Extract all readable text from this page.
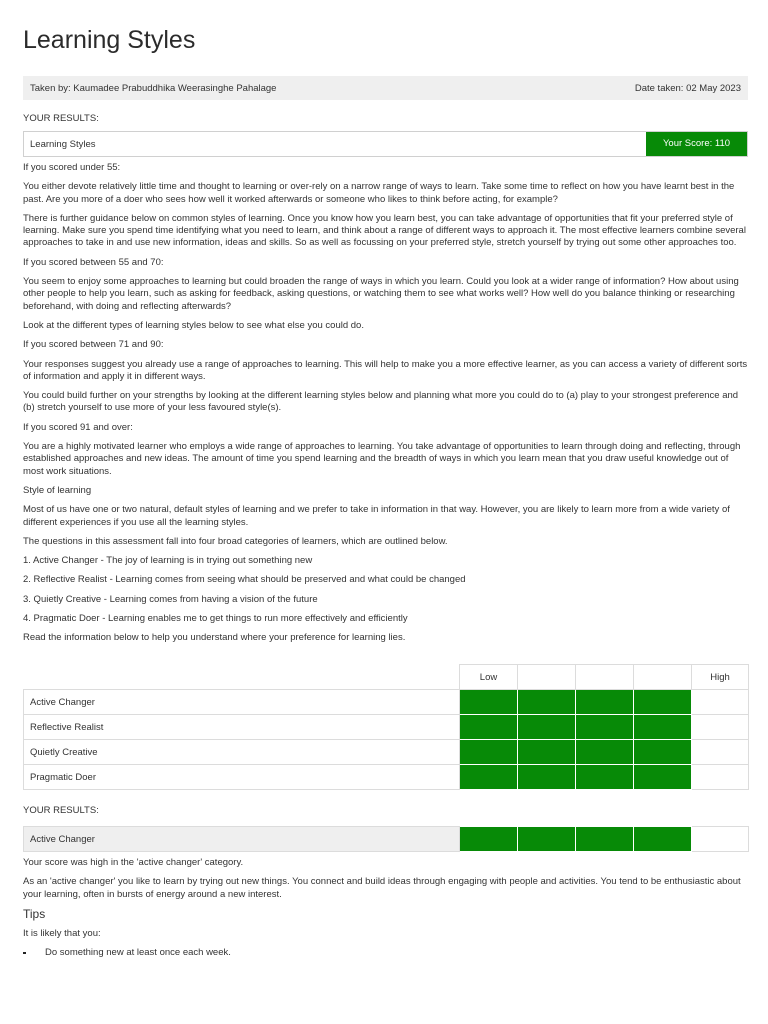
Learning Styles
Taken by: Kaumadee Prabuddhika Weerasinghe Pahalage	Date taken: 02 May 2023
YOUR RESULTS:
Learning Styles	Your Score: 110

If you scored under 55:

You either devote relatively little time and thought to learning or over-rely on a narrow range of ways to learn. Take some time to reflect on how you have learnt best in the past. Are you more of a doer who sees how well it worked afterwards or someone who likes to think before acting, for example?

There is further guidance below on common styles of learning. Once you know how you learn best, you can take advantage of opportunities that fit your preferred style of learning. Make sure you spend time identifying what you need to learn, and think about a range of different ways to approach it. The most effective learners combine several approaches to take in and use new information, ideas and skills. So as well as focussing on your preferred style, stretch yourself by trying out some other approaches too.

If you scored between 55 and 70:

You seem to enjoy some approaches to learning but could broaden the range of ways in which you learn. Could you look at a wider range of information? How about using other people to help you learn, such as asking for feedback, asking questions, or watching them to see what works well? How well do you balance thinking or researching beforehand, with doing and reflecting afterwards?

Look at the different types of learning styles below to see what else you could do.

If you scored between 71 and 90:

Your responses suggest you already use a range of approaches to learning. This will help to make you a more effective learner, as you can access a variety of different sorts of information and apply it in different ways.

You could build further on your strengths by looking at the different learning styles below and planning what more you could do to (a) play to your strongest preference and (b) stretch yourself to use more of your less favoured style(s).

If you scored 91 and over:

You are a highly motivated learner who employs a wide range of approaches to learning. You take advantage of opportunities to learn through doing and reflecting, through established approaches and new ideas. The amount of time you spend learning and the breadth of ways in which you learn mean that you draw useful knowledge out of most work situations.

Style of learning

Most of us have one or two natural, default styles of learning and we prefer to take in information in that way. However, you are likely to learn more from a wide variety of different experiences if you use all the learning styles.

The questions in this assessment fall into four broad categories of learners, which are outlined below.

1. Active Changer - The joy of learning is in trying out something new

2. Reflective Realist - Learning comes from seeing what should be preserved and what could be changed

3. Quietly Creative - Learning comes from having a vision of the future

4. Pragmatic Doer - Learning enables me to get things to run more effectively and efficiently

Read the information below to help you understand where your preference for learning lies.

	Low				High
Active Changer					
Reflective Realist					
Quietly Creative					
Pragmatic Doer					
YOUR RESULTS:
Active Changer					

Your score was high in the 'active changer' category.

As an 'active changer' you like to learn by trying out new things. You connect and build ideas through engaging with people and activities. You tend to be enthusiastic about your learning, often in bursts of energy around a new interest.

Tips

It is likely that you:

Do something new at least once each week.
